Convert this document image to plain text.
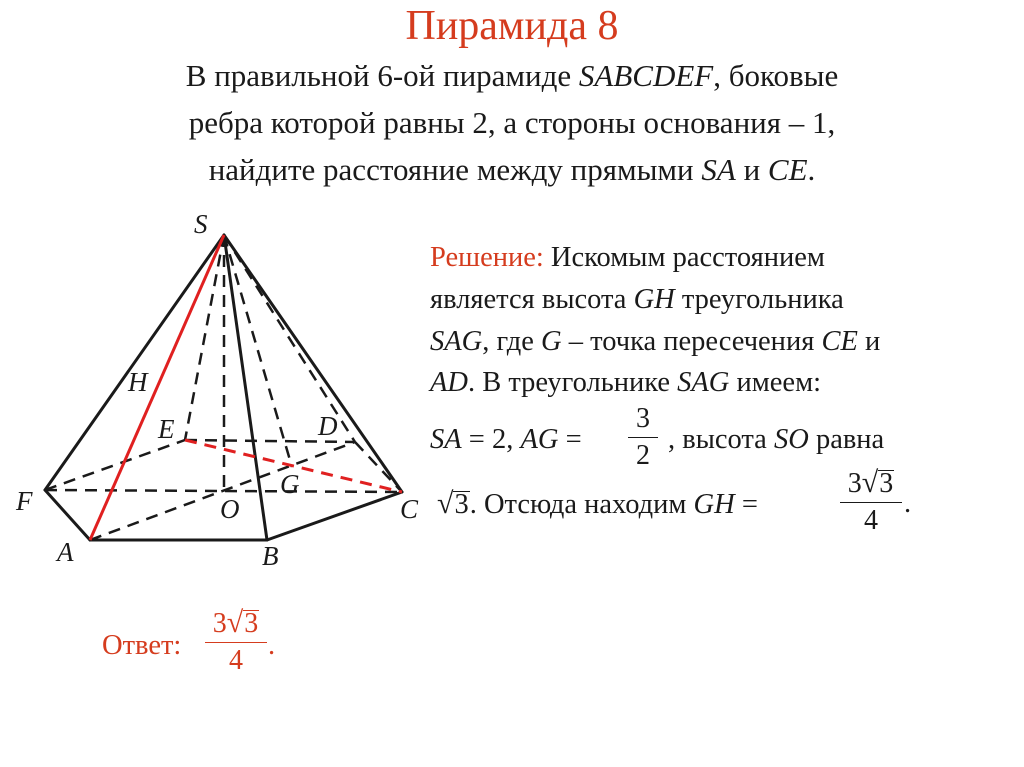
Пирамида 8
В правильной 6-ой пирамиде SABCDEF, боковые
ребра которой равны 2, а стороны основания – 1,
найдите расстояние между прямыми SA и CE.
S
H
E	D
G
O
F
A	B
C
Решение: Искомым расстоянием
является высота GH треугольника
SAG, где G – точка пересечения CE и
AD. В треугольнике SAG имеем:
SA = 2, AG =
3
2
, высота SO равна
√3. Отсюда находим GH =
3√3
4
.
Ответ:
3√3
4 .
